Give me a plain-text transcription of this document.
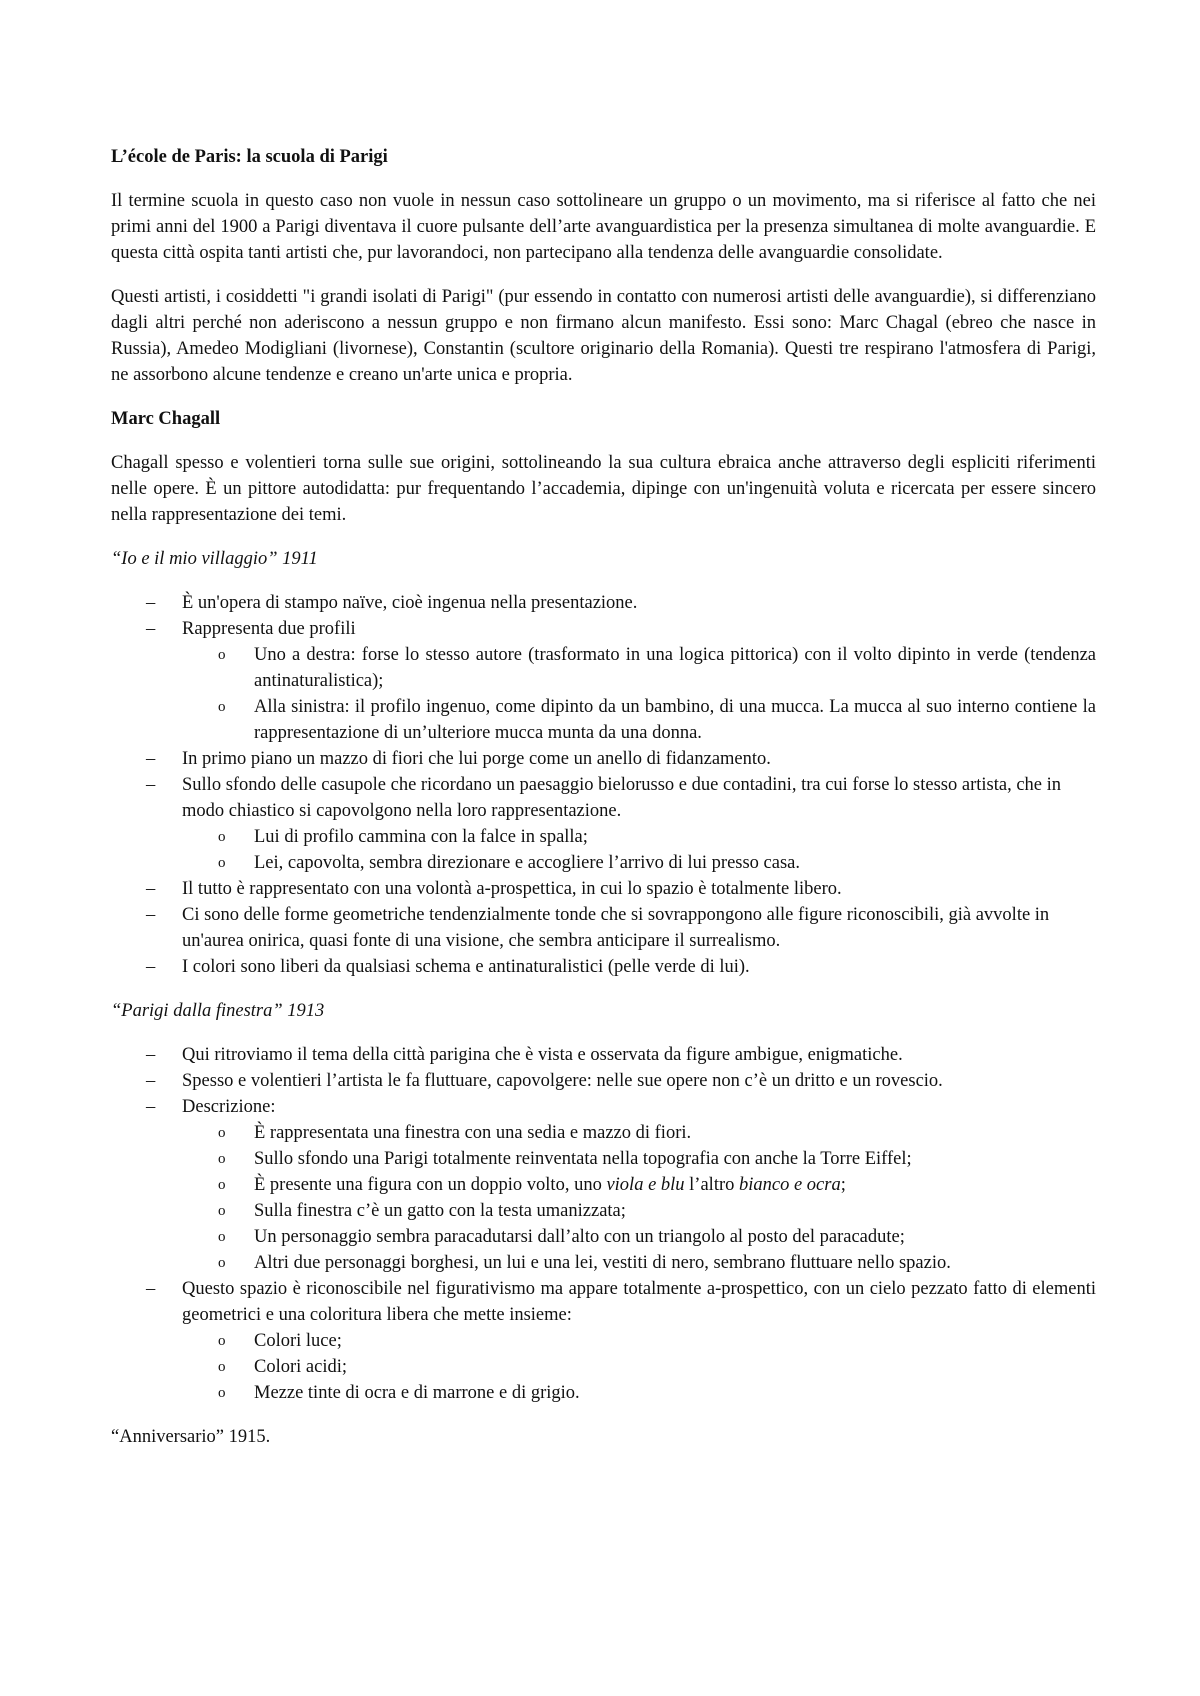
L’école de Paris: la scuola di Parigi

Il termine scuola in questo caso non vuole in nessun caso sottolineare un gruppo o un movimento, ma si riferisce al fatto che nei primi anni del 1900 a Parigi diventava il cuore pulsante dell’arte avanguardistica per la presenza simultanea di molte avanguardie. E questa città ospita tanti artisti che, pur lavorandoci, non partecipano alla tendenza delle avanguardie consolidate.

Questi artisti, i cosiddetti "i grandi isolati di Parigi" (pur essendo in contatto con numerosi artisti delle avanguardie), si differenziano dagli altri perché non aderiscono a nessun gruppo e non firmano alcun manifesto. Essi sono: Marc Chagal (ebreo che nasce in Russia), Amedeo Modigliani (livornese), Constantin (scultore originario della Romania). Questi tre respirano l'atmosfera di Parigi, ne assorbono alcune tendenze e creano un'arte unica e propria.

Marc Chagall

Chagall spesso e volentieri torna sulle sue origini, sottolineando la sua cultura ebraica anche attraverso degli espliciti riferimenti nelle opere. È un pittore autodidatta: pur frequentando l’accademia, dipinge con un'ingenuità voluta e ricercata per essere sincero nella rappresentazione dei temi.

“Io e il mio villaggio” 1911

– È un'opera di stampo naïve, cioè ingenua nella presentazione.
– Rappresenta due profili
o Uno a destra: forse lo stesso autore (trasformato in una logica pittorica) con il volto dipinto in verde (tendenza antinaturalistica);
o Alla sinistra: il profilo ingenuo, come dipinto da un bambino, di una mucca. La mucca al suo interno contiene la rappresentazione di un’ulteriore mucca munta da una donna.
– In primo piano un mazzo di fiori che lui porge come un anello di fidanzamento.
– Sullo sfondo delle casupole che ricordano un paesaggio bielorusso e due contadini, tra cui forse lo stesso artista, che in modo chiastico si capovolgono nella loro rappresentazione.
o Lui di profilo cammina con la falce in spalla;
o Lei, capovolta, sembra direzionare e accogliere l’arrivo di lui presso casa.
– Il tutto è rappresentato con una volontà a-prospettica, in cui lo spazio è totalmente libero.
– Ci sono delle forme geometriche tendenzialmente tonde che si sovrappongono alle figure riconoscibili, già avvolte in un'aurea onirica, quasi fonte di una visione, che sembra anticipare il surrealismo.
– I colori sono liberi da qualsiasi schema e antinaturalistici (pelle verde di lui).

“Parigi dalla finestra” 1913

– Qui ritroviamo il tema della città parigina che è vista e osservata da figure ambigue, enigmatiche.
– Spesso e volentieri l’artista le fa fluttuare, capovolgere: nelle sue opere non c’è un dritto e un rovescio.
– Descrizione:
o È rappresentata una finestra con una sedia e mazzo di fiori.
o Sullo sfondo una Parigi totalmente reinventata nella topografia con anche la Torre Eiffel;
o È presente una figura con un doppio volto, uno viola e blu l’altro bianco e ocra;
o Sulla finestra c’è un gatto con la testa umanizzata;
o Un personaggio sembra paracadutarsi dall’alto con un triangolo al posto del paracadute;
o Altri due personaggi borghesi, un lui e una lei, vestiti di nero, sembrano fluttuare nello spazio.
– Questo spazio è riconoscibile nel figurativismo ma appare totalmente a-prospettico, con un cielo pezzato fatto di elementi geometrici e una coloritura libera che mette insieme:
o Colori luce;
o Colori acidi;
o Mezze tinte di ocra e di marrone e di grigio.

“Anniversario” 1915.
